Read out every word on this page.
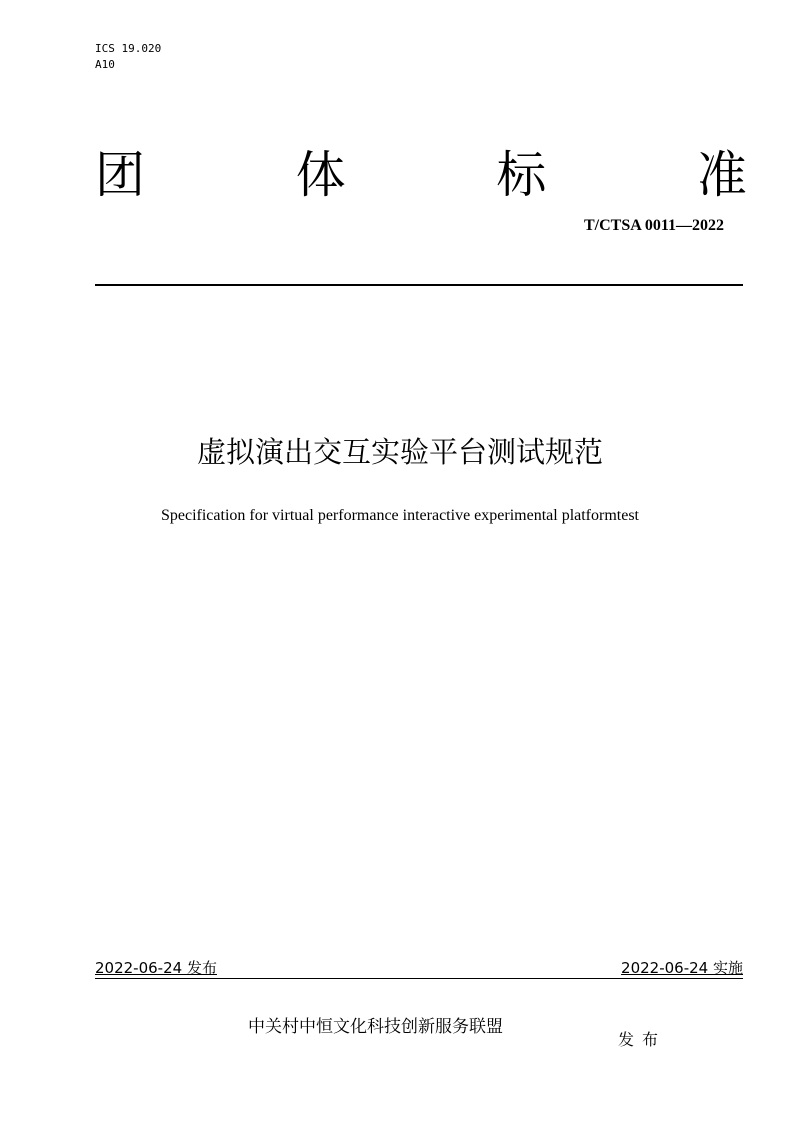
ICS 19.020
A10
团	体	标	准
T/CTSA 0011—2022
虚拟演出交互实验平台测试规范
Specification for virtual performance interactive experimental platformtest
2022-06-24 发布	2022-06-24 实施
中关村中恒文化科技创新服务联盟
发布
